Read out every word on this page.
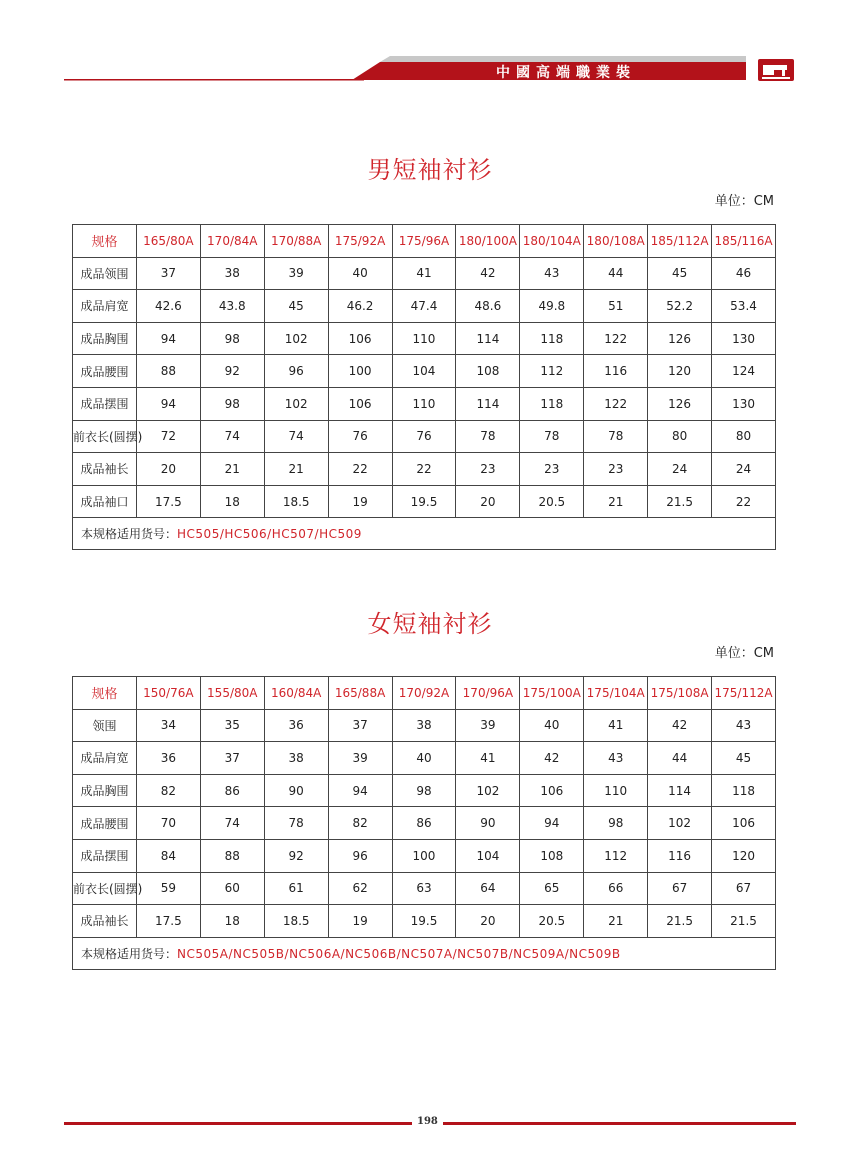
中國高端職業裝
男短袖衬衫
单位：CM
规格	165/80A	170/84A	170/88A	175/92A	175/96A	180/100A	180/104A	180/108A	185/112A	185/116A
成品领围	37	38	39	40	41	42	43	44	45	46
成品肩宽	42.6	43.8	45	46.2	47.4	48.6	49.8	51	52.2	53.4
成品胸围	94	98	102	106	110	114	118	122	126	130
成品腰围	88	92	96	100	104	108	112	116	120	124
成品摆围	94	98	102	106	110	114	118	122	126	130
前衣长(圆摆)	72	74	74	76	76	78	78	78	80	80
成品袖长	20	21	21	22	22	23	23	23	24	24
成品袖口	17.5	18	18.5	19	19.5	20	20.5	21	21.5	22
本规格适用货号：HC505/HC506/HC507/HC509										
女短袖衬衫
单位：CM
规格	150/76A	155/80A	160/84A	165/88A	170/92A	170/96A	175/100A	175/104A	175/108A	175/112A
领围	34	35	36	37	38	39	40	41	42	43
成品肩宽	36	37	38	39	40	41	42	43	44	45
成品胸围	82	86	90	94	98	102	106	110	114	118
成品腰围	70	74	78	82	86	90	94	98	102	106
成品摆围	84	88	92	96	100	104	108	112	116	120
前衣长(圆摆)	59	60	61	62	63	64	65	66	67	67
成品袖长	17.5	18	18.5	19	19.5	20	20.5	21	21.5	21.5
本规格适用货号：NC505A/NC505B/NC506A/NC506B/NC507A/NC507B/NC509A/NC509B										
198
